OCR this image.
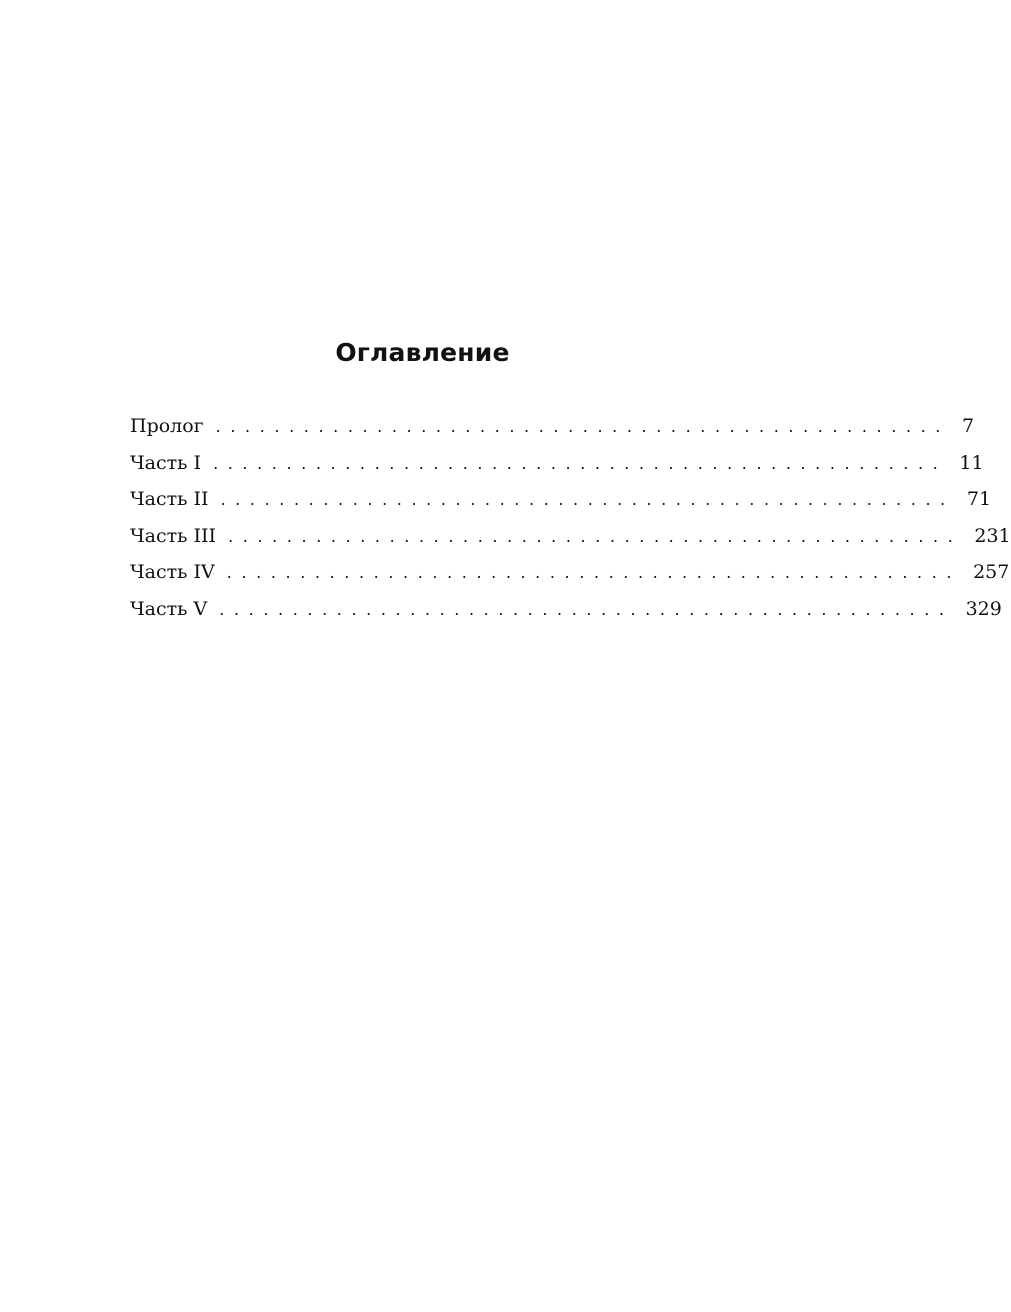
Оглавление
Пролог .................................................. 7
Часть I .................................................. 11
Часть II .................................................. 71
Часть III .................................................. 231
Часть IV .................................................. 257
Часть V .................................................. 329
